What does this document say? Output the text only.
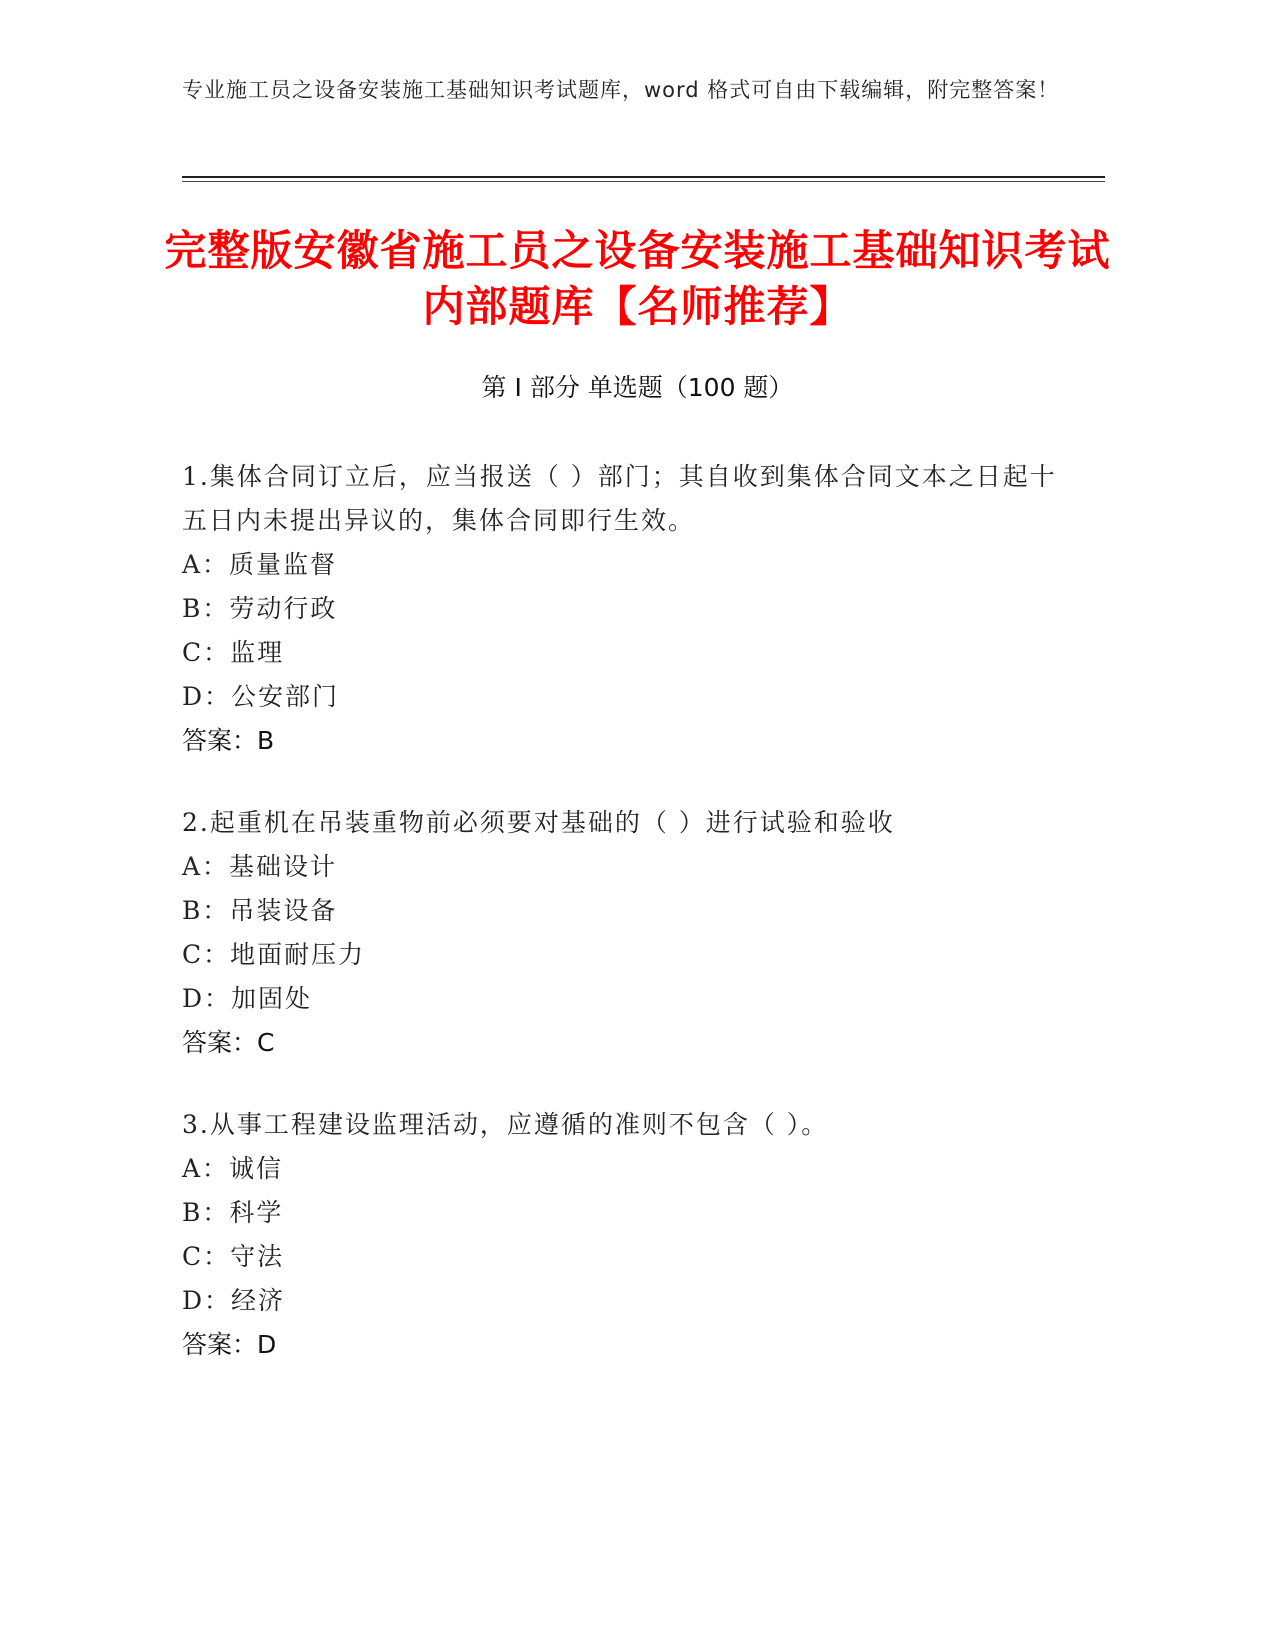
专业施工员之设备安装施工基础知识考试题库，word 格式可自由下载编辑，附完整答案！
完整版安徽省施工员之设备安装施工基础知识考试内部题库【名师推荐】
第 I 部分 单选题（100 题）
1.集体合同订立后，应当报送（ ）部门；其自收到集体合同文本之日起十五日内未提出异议的，集体合同即行生效。
A：质量监督
B：劳动行政
C：监理
D：公安部门
答案：B
2.起重机在吊装重物前必须要对基础的（ ）进行试验和验收
A：基础设计
B：吊装设备
C：地面耐压力
D：加固处
答案：C
3.从事工程建设监理活动，应遵循的准则不包含（ ）。
A：诚信
B：科学
C：守法
D：经济
答案：D
